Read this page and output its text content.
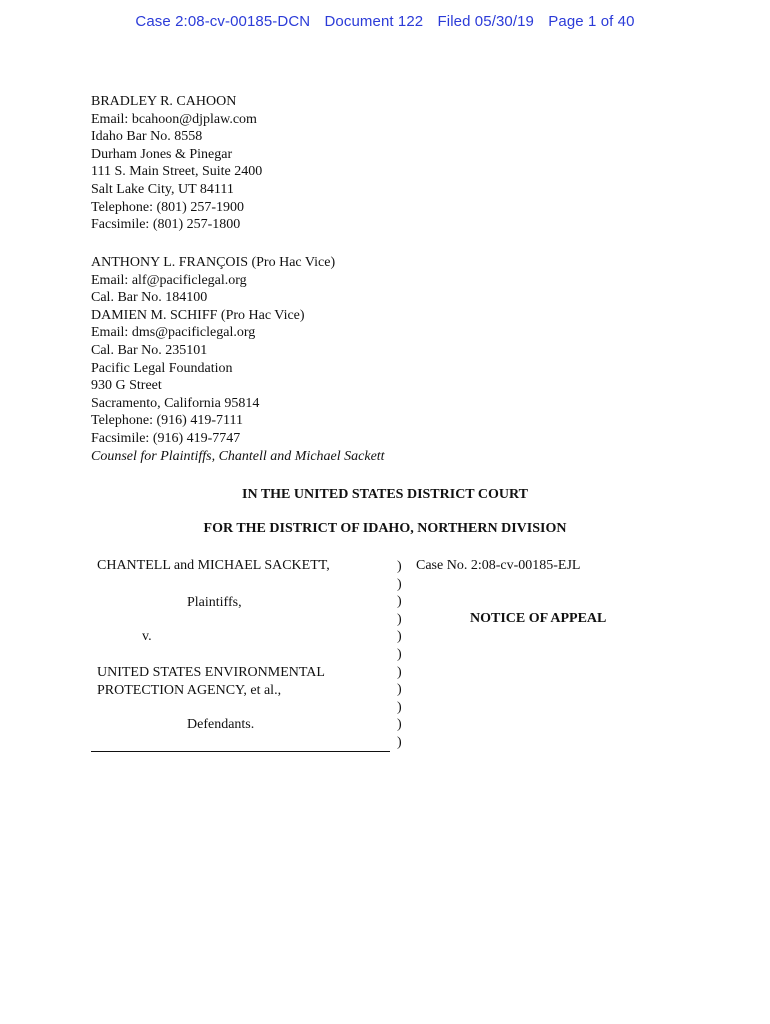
Case 2:08-cv-00185-DCN Document 122 Filed 05/30/19 Page 1 of 40
BRADLEY R. CAHOON
Email: bcahoon@djplaw.com
Idaho Bar No. 8558
Durham Jones & Pinegar
111 S. Main Street, Suite 2400
Salt Lake City, UT 84111
Telephone: (801) 257-1900
Facsimile: (801) 257-1800
ANTHONY L. FRANÇOIS (Pro Hac Vice)
Email: alf@pacificlegal.org
Cal. Bar No. 184100
DAMIEN M. SCHIFF (Pro Hac Vice)
Email: dms@pacificlegal.org
Cal. Bar No. 235101
Pacific Legal Foundation
930 G Street
Sacramento, California 95814
Telephone: (916) 419-7111
Facsimile: (916) 419-7747
Counsel for Plaintiffs, Chantell and Michael Sackett
IN THE UNITED STATES DISTRICT COURT
FOR THE DISTRICT OF IDAHO, NORTHERN DIVISION
CHANTELL and MICHAEL SACKETT,
Plaintiffs,
v.
UNITED STATES ENVIRONMENTAL
PROTECTION AGENCY, et al.,
Defendants.
)
)
)
)
)
)
)
)
)
)
)
Case No. 2:08-cv-00185-EJL
NOTICE OF APPEAL
